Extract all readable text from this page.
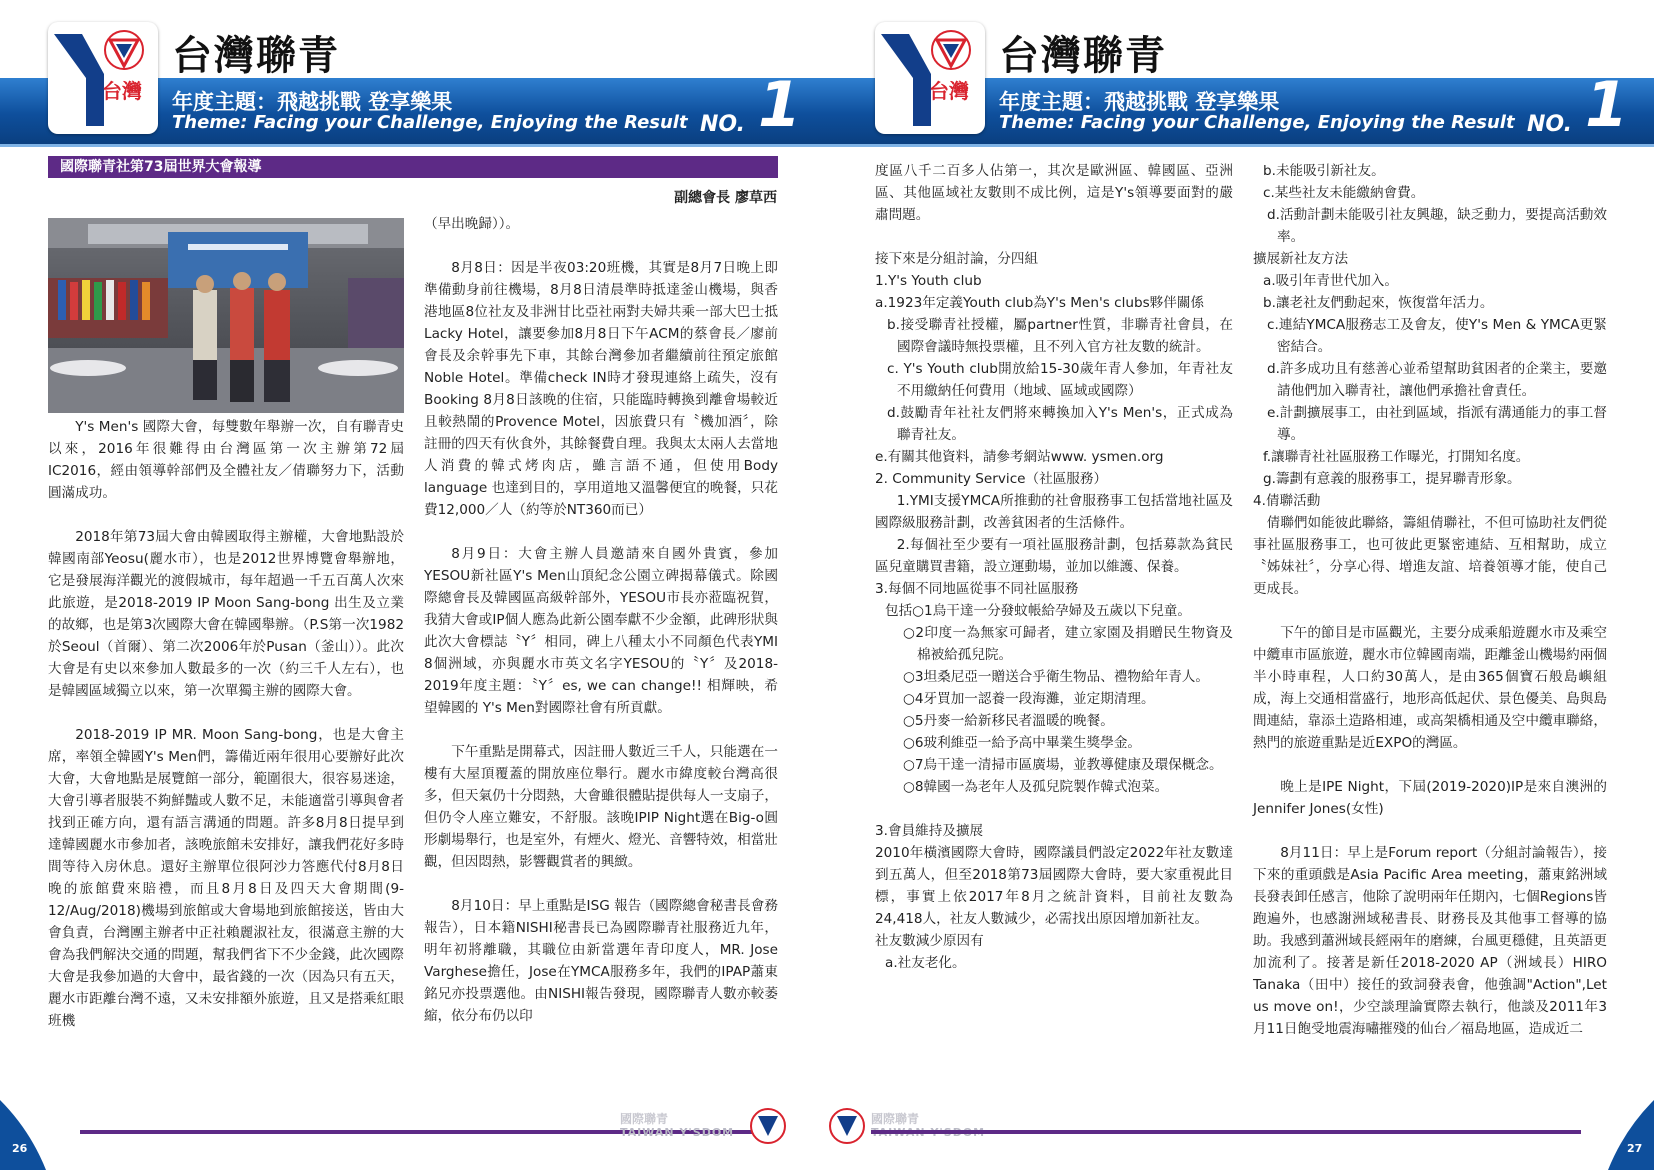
台灣
台灣聯青
年度主題：飛越挑戰 登享樂果
Theme: Facing your Challenge, Enjoying the Result NO. 1
國際聯青社第73屆世界大會報導
副總會長 廖草西

Y's Men's 國際大會，每雙數年舉辦一次，自有聯青史以來，2016年很難得由台灣區第一次主辦第72屆IC2016，經由領導幹部們及全體社友／倩聯努力下，活動圓滿成功。

2018年第73屆大會由韓國取得主辦權，大會地點設於韓國南部Yeosu(麗水市），也是2012世界博覽會舉辦地，它是發展海洋觀光的渡假城市，每年超過一千五百萬人次來此旅遊，是2018-2019 IP Moon Sang-bong 出生及立業的故鄉，也是第3次國際大會在韓國舉辦。（P.S第一次1982於Seoul（首爾）、第二次2006年於Pusan（釜山））。此次大會是有史以來參加人數最多的一次（約三千人左右），也是韓國區域獨立以來，第一次單獨主辦的國際大會。

2018-2019 IP MR. Moon Sang-bong，也是大會主席，率領全韓國Y's Men們，籌備近兩年很用心要辦好此次大會，大會地點是展覽館一部分，範圍很大，很容易迷途，大會引導者服裝不夠鮮豔或人數不足，未能適當引導與會者找到正確方向，還有語言溝通的問題。許多8月8日提早到達韓國麗水市參加者，該晚旅館未安排好，讓我們花好多時間等待入房休息。還好主辦單位很阿沙力答應代付8月8日晚的旅館費來賠禮，而且8月8日及四天大會期間(9-12/Aug/2018)機場到旅館或大會場地到旅館接送，皆由大會負責，台灣團主辦者中正社賴麗淑社友，很滿意主辦的大會為我們解決交通的問題，幫我們省下不少金錢，此次國際大會是我參加過的大會中，最省錢的一次（因為只有五天，麗水市距離台灣不遠，又未安排額外旅遊，且又是搭乘紅眼班機

（早出晚歸））。

8月8日：因是半夜03:20班機，其實是8月7日晚上即準備動身前往機場，8月8日清晨準時抵達釜山機場，與香港地區8位社友及非洲甘比亞社兩對夫婦共乘一部大巴士抵Lacky Hotel，讓要參加8月8日下午ACM的蔡會長／廖前會長及余幹事先下車，其餘台灣參加者繼續前往預定旅館Noble Hotel。準備check IN時才發現連絡上疏失，沒有Booking 8月8日該晚的住宿，只能臨時轉換到離會場較近且較熱鬧的Provence Motel，因旅費只有〝機加酒〞，除註冊的四天有伙食外，其餘餐費自理。我與太太兩人去當地人消費的韓式烤肉店，雖言語不通，但使用Body language 也達到目的，享用道地又溫馨便宜的晚餐，只花費12,000／人（約等於NT360而已）

8月9日：大會主辦人員邀請來自國外貴賓，參加YESOU新社區Y's Men山頂紀念公園立碑揭幕儀式。除國際總會長及韓國區高級幹部外，YESOU市長亦蒞臨祝賀，我猜大會或IP個人應為此新公園奉獻不少金額，此碑形狀與此次大會標誌〝Y〞相同，碑上八種太小不同顏色代表YMI 8個洲域，亦與麗水市英文名字YESOU的〝Y〞及2018-2019年度主題：〝Y〞es, we can change!! 相輝映，希望韓國的 Y's Men對國際社會有所貢獻。

下午重點是開幕式，因註冊人數近三千人，只能選在一樓有大屋頂覆蓋的開放座位舉行。麗水市緯度較台灣高很多，但天氣仍十分悶熱，大會雖很體貼提供每人一支扇子，但仍令人座立難安，不舒服。該晚IPIP Night選在Big-o圓形劇場舉行，也是室外，有煙火、燈光、音響特效，相當壯觀，但因悶熱，影響觀賞者的興緻。

8月10日：早上重點是ISG 報告（國際總會秘書長會務報告），日本籍NISHI秘書長已為國際聯青社服務近九年，明年初將離職，其職位由新當選年青印度人，MR. Jose Varghese擔任，Jose在YMCA服務多年，我們的IPAP蕭東銘兄亦投票選他。由NISHI報告發現，國際聯青人數亦較萎縮，依分布仍以印

國際聯青
TAIWAN Y'SDOM
26
台灣
台灣聯青
年度主題：飛越挑戰 登享樂果
Theme: Facing your Challenge, Enjoying the Result NO. 1

度區八千二百多人佔第一，其次是歐洲區、韓國區、亞洲區、其他區域社友數則不成比例，這是Y's領導要面對的嚴肅問題。

接下來是分組討論，分四組
1.Y's Youth club
a.1923年定義Youth club為Y's Men's clubs夥伴關係
b.接受聯青社授權，屬partner性質，非聯青社會員，在國際會議時無投票權，且不列入官方社友數的統計。
c. Y's Youth club開放給15-30歲年青人參加，年青社友不用繳納任何費用（地域、區域或國際）
d.鼓勵青年社社友們將來轉換加入Y's Men's，正式成為聯青社友。
e.有關其他資料，請參考網站www. ysmen.org
2. Community Service（社區服務）

1.YMI支援YMCA所推動的社會服務事工包括當地社區及國際級服務計劃，改善貧困者的生活條件。

2.每個社至少要有一項社區服務計劃，包括募款為貧民區兒童購買書籍，設立運動場，並加以維護、保養。

3.每個不同地區從事不同社區服務
包括○1烏干達一分發蚊帳給孕婦及五歲以下兒童。
○2印度一為無家可歸者，建立家園及捐贈民生物資及棉被給孤兒院。
○3坦桑尼亞一贈送合乎衛生物品、禮物給年青人。
○4牙買加一認養一段海灘，並定期清理。
○5丹麥一給新移民者溫暖的晚餐。
○6玻利維亞一給予高中畢業生獎學金。
○7烏干達一清掃市區廣場，並教導健康及環保概念。
○8韓國一為老年人及孤兒院製作韓式泡菜。
3.會員維持及擴展

2010年橫濱國際大會時，國際議員們設定2022年社友數達到五萬人，但至2018第73屆國際大會時，要大家重視此目標，事實上依2017年8月之統計資料，目前社友數為24,418人，社友人數減少，必需找出原因增加新社友。

社友數減少原因有
a.社友老化。
b.未能吸引新社友。
c.某些社友未能繳納會費。
d.活動計劃未能吸引社友興趣，缺乏動力，要提高活動效率。
擴展新社友方法
a.吸引年青世代加入。
b.讓老社友們動起來，恢復當年活力。
c.連結YMCA服務志工及會友，使Y's Men & YMCA更緊密結合。
d.許多成功且有慈善心並希望幫助貧困者的企業主，要邀請他們加入聯青社，讓他們承擔社會責任。
e.計劃擴展事工，由社到區域，指派有溝通能力的事工督導。
f.讓聯青社社區服務工作曝光，打開知名度。
g.籌劃有意義的服務事工，提昇聯青形象。
4.倩聯活動

倩聯們如能彼此聯絡，籌組倩聯社，不但可協助社友們從事社區服務事工，也可彼此更緊密連結、互相幫助，成立〝姊妹社〞，分享心得、增進友誼、培養領導才能，使自己更成長。

下午的節目是市區觀光，主要分成乘船遊麗水市及乘空中纜車市區旅遊，麗水市位韓國南端，距離釜山機場約兩個半小時車程，人口約30萬人，是由365個寶石般島嶼組成，海上交通相當盛行，地形高低起伏、景色優美、島與島間連結，靠添土造路相連，或高架橋相通及空中纜車聯絡，熱門的旅遊重點是近EXPO的灣區。

晚上是IPE Night，下屆(2019-2020)IP是來自澳洲的Jennifer Jones(女性)

8月11日：早上是Forum report（分組討論報告），接下來的重頭戲是Asia Pacific Area meeting，蕭東銘洲域長發表卸任感言，他除了說明兩年任期內，七個Regions皆跑遍外，也感謝洲域秘書長、財務長及其他事工督導的協助。我感到蕭洲域長經兩年的磨練，台風更穩健，且英語更加流利了。接著是新任2018-2020 AP（洲域長）HIRO Tanaka（田中）接任的致詞發表會，他強調"Action",Let us move on!，少空談理論實際去執行，他談及2011年3月11日飽受地震海嘯摧殘的仙台／福島地區，造成近二

國際聯青
27
